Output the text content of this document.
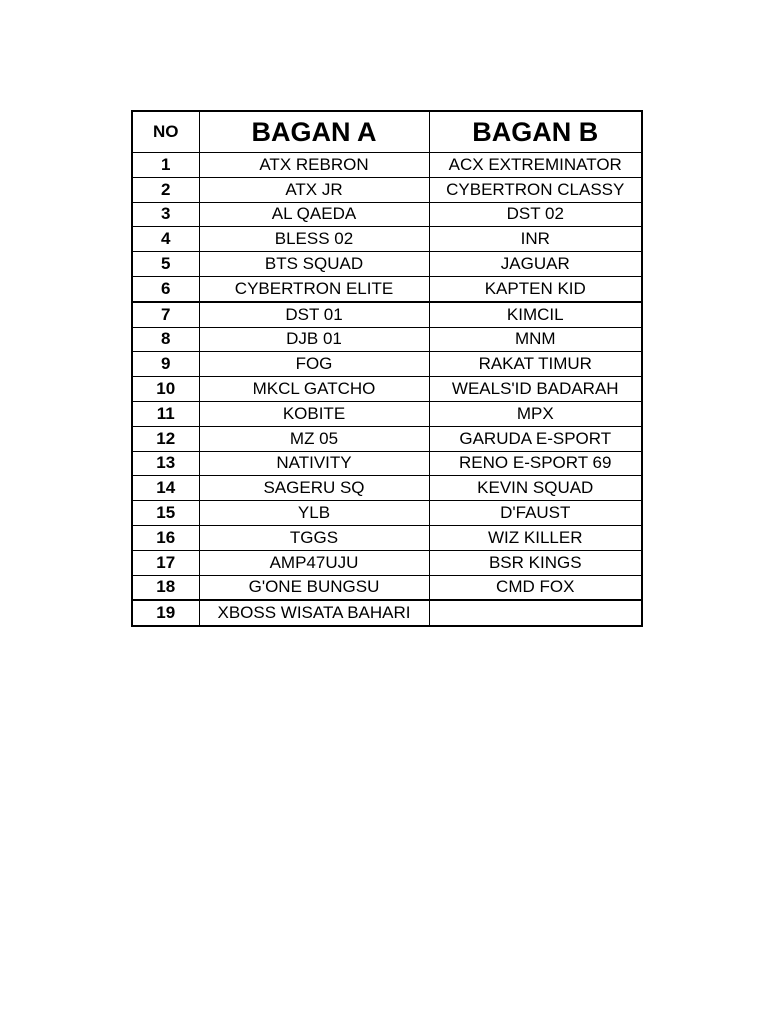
NO	BAGAN A	BAGAN B
1	ATX REBRON	ACX EXTREMINATOR
2	ATX JR	CYBERTRON CLASSY
3	AL QAEDA	DST 02
4	BLESS 02	INR
5	BTS SQUAD	JAGUAR
6	CYBERTRON ELITE	KAPTEN KID
7	DST 01	KIMCIL
8	DJB 01	MNM
9	FOG	RAKAT TIMUR
10	MKCL GATCHO	WEALS'ID BADARAH
11	KOBITE	MPX
12	MZ 05	GARUDA E-SPORT
13	NATIVITY	RENO E-SPORT 69
14	SAGERU SQ	KEVIN SQUAD
15	YLB	D'FAUST
16	TGGS	WIZ KILLER
17	AMP47UJU	BSR KINGS
18	G'ONE BUNGSU	CMD FOX
19	XBOSS WISATA BAHARI	
